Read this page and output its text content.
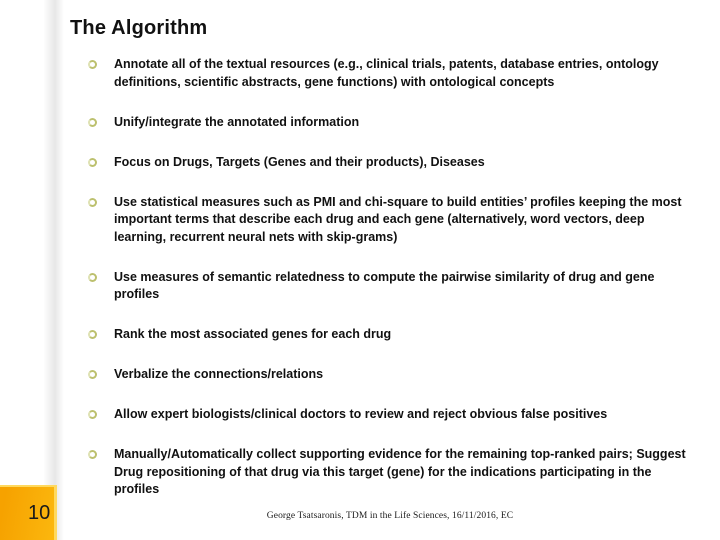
The Algorithm
Annotate all of the textual resources (e.g., clinical trials, patents, database entries, ontology definitions, scientific abstracts, gene functions) with ontological concepts
Unify/integrate the annotated information
Focus on Drugs, Targets (Genes and their products), Diseases
Use statistical measures such as PMI and chi-square to build entities’ profiles keeping the most important terms that describe each drug and each gene (alternatively, word vectors, deep learning, recurrent neural nets with skip-grams)
Use measures of semantic relatedness to compute the pairwise similarity of drug and gene profiles
Rank the most associated genes for each drug
Verbalize the connections/relations
Allow expert biologists/clinical doctors to review and reject obvious false positives
Manually/Automatically collect supporting evidence for the remaining top-ranked pairs; Suggest Drug repositioning of that drug via this target (gene) for the indications participating in the profiles
George Tsatsaronis, TDM in the Life Sciences, 16/11/2016, EC
10
